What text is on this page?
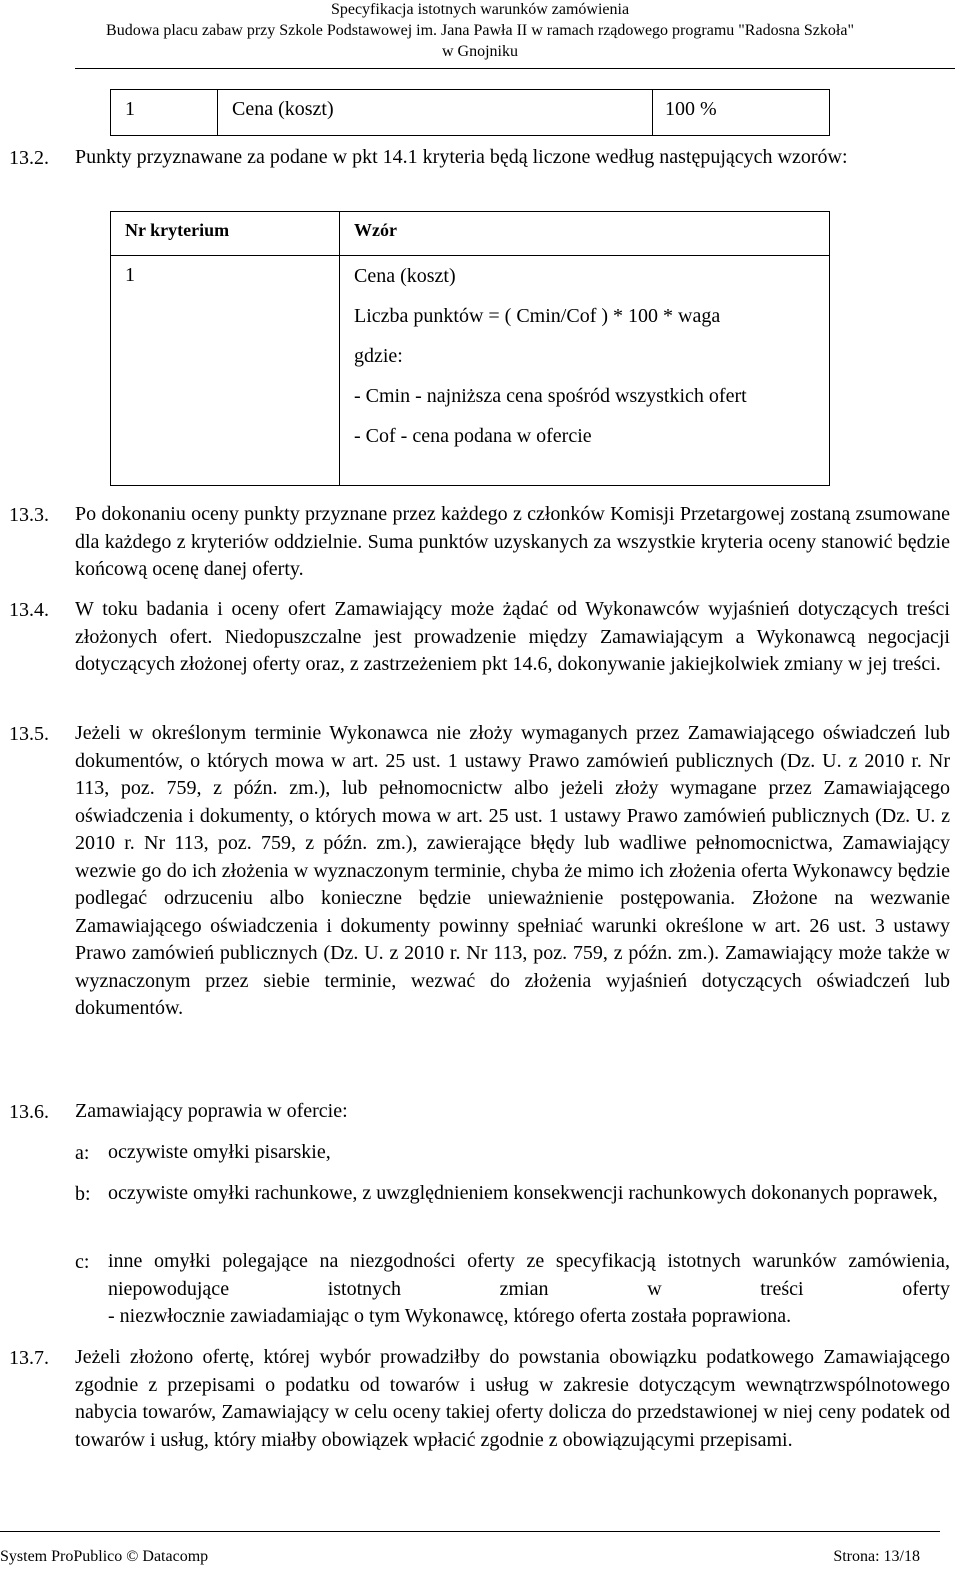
Specyfikacja istotnych warunków zamówienia
Budowa placu zabaw przy Szkole Podstawowej im. Jana Pawła II w ramach rządowego programu "Radosna Szkoła"
w Gnojniku
1	Cena (koszt)	100 %
13.2. Punkty przyznawane za podane w pkt 14.1 kryteria będą liczone według następujących wzorów:
Nr kryterium	Wzór
1	Cena (koszt)
Liczba punktów = ( Cmin/Cof ) * 100 * waga
gdzie:
- Cmin - najniższa cena spośród wszystkich ofert
- Cof - cena podana w ofercie
13.3. Po dokonaniu oceny punkty przyznane przez każdego z członków Komisji Przetargowej zostaną zsumowane dla każdego z kryteriów oddzielnie. Suma punktów uzyskanych za wszystkie kryteria oceny stanowić będzie końcową ocenę danej oferty.
13.4. W toku badania i oceny ofert Zamawiający może żądać od Wykonawców wyjaśnień dotyczących treści złożonych ofert. Niedopuszczalne jest prowadzenie między Zamawiającym a Wykonawcą negocjacji dotyczących złożonej oferty oraz, z zastrzeżeniem pkt 14.6, dokonywanie jakiejkolwiek zmiany w jej treści.
13.5. Jeżeli w określonym terminie Wykonawca nie złoży wymaganych przez Zamawiającego oświadczeń lub dokumentów, o których mowa w art. 25 ust. 1 ustawy Prawo zamówień publicznych (Dz. U. z 2010 r. Nr 113, poz. 759, z późn. zm.), lub pełnomocnictw albo jeżeli złoży wymagane przez Zamawiającego oświadczenia i dokumenty, o których mowa w art. 25 ust. 1 ustawy Prawo zamówień publicznych (Dz. U. z 2010 r. Nr 113, poz. 759, z późn. zm.), zawierające błędy lub wadliwe pełnomocnictwa, Zamawiający wezwie go do ich złożenia w wyznaczonym terminie, chyba że mimo ich złożenia oferta Wykonawcy będzie podlegać odrzuceniu albo konieczne będzie unieważnienie postępowania. Złożone na wezwanie Zamawiającego oświadczenia i dokumenty powinny spełniać warunki określone w art. 26 ust. 3 ustawy Prawo zamówień publicznych (Dz. U. z 2010 r. Nr 113, poz. 759, z późn. zm.). Zamawiający może także w wyznaczonym przez siebie terminie, wezwać do złożenia wyjaśnień dotyczących oświadczeń lub dokumentów.
13.6. Zamawiający poprawia w ofercie:
a: oczywiste omyłki pisarskie,
b: oczywiste omyłki rachunkowe, z uwzględnieniem konsekwencji rachunkowych dokonanych poprawek,
c: inne omyłki polegające na niezgodności oferty ze specyfikacją istotnych warunków zamówienia, niepowodujące istotnych zmian w treści oferty
- niezwłocznie zawiadamiając o tym Wykonawcę, którego oferta została poprawiona.
13.7. Jeżeli złożono ofertę, której wybór prowadziłby do powstania obowiązku podatkowego Zamawiającego zgodnie z przepisami o podatku od towarów i usług w zakresie dotyczącym wewnątrzwspólnotowego nabycia towarów, Zamawiający w celu oceny takiej oferty dolicza do przedstawionej w niej ceny podatek od towarów i usług, który miałby obowiązek wpłacić zgodnie z obowiązującymi przepisami.
System ProPublico © Datacomp	Strona: 13/18
